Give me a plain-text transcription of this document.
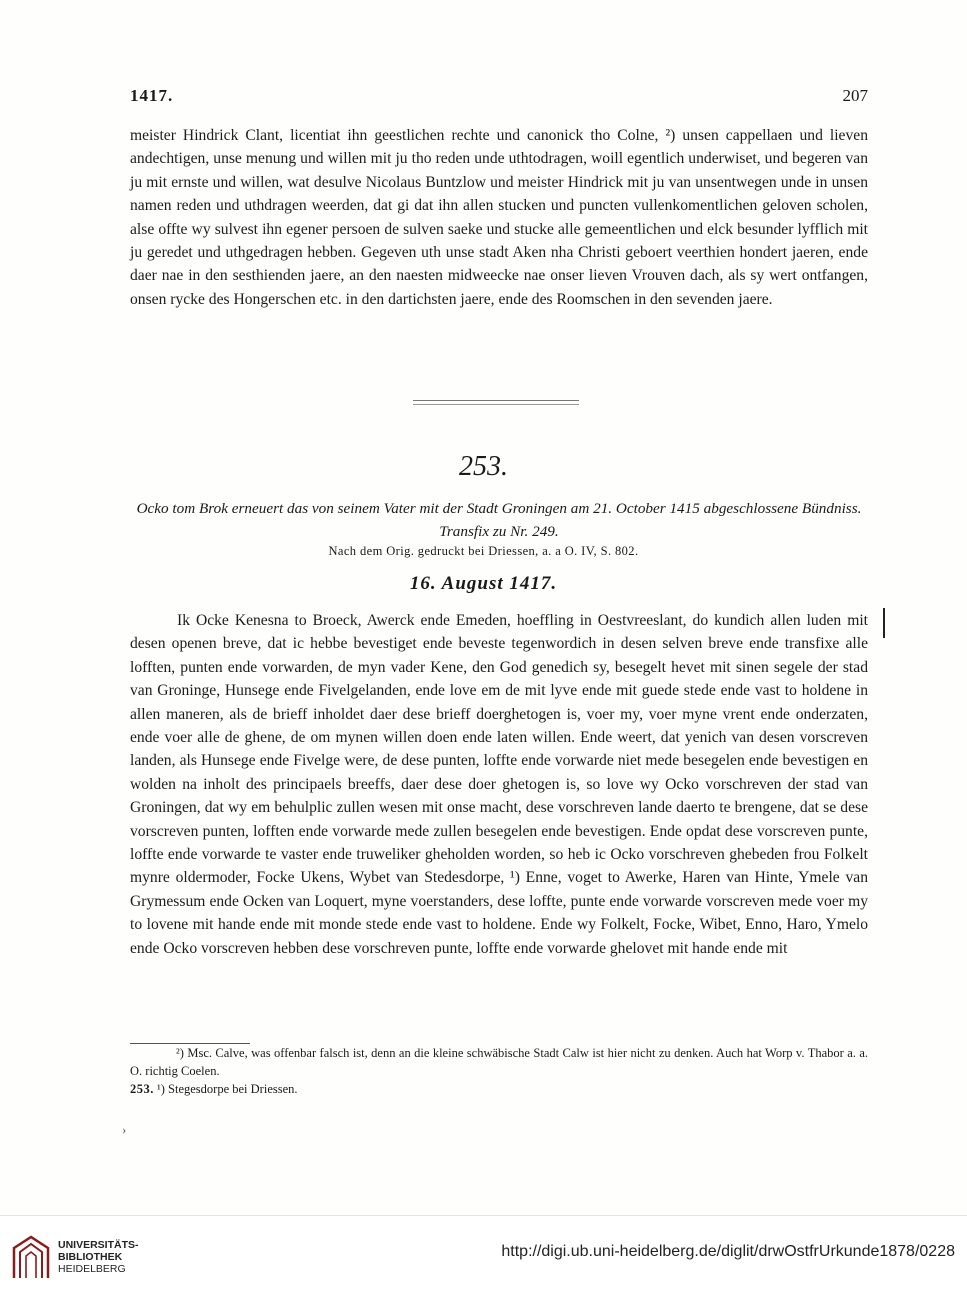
1417.	207
meister Hindrick Clant, licentiat ihn geestlichen rechte und canonick tho Colne, ²) unsen cappellaen und lieven andechtigen, unse menung und willen mit ju tho reden unde uthtodragen, woill egentlich underwiset, und begeren van ju mit ernste und willen, wat desulve Nicolaus Buntzlow und meister Hindrick mit ju van unsentwegen unde in unsen namen reden und uthdragen weerden, dat gi dat ihn allen stucken und puncten vullenkomentlichen geloven scholen, alse offte wy sulvest ihn egener persoen de sulven saeke und stucke alle gemeentlichen und elck besunder lyfflich mit ju geredet und uthgedragen hebben. Gegeven uth unse stadt Aken nha Christi geboert veerthien hondert jaeren, ende daer nae in den sesthienden jaere, an den naesten midweecke nae onser lieven Vrouven dach, als sy wert ontfangen, onsen rycke des Hongerschen etc. in den dartichsten jaere, ende des Roomschen in den sevenden jaere.
253.
Ocko tom Brok erneuert das von seinem Vater mit der Stadt Groningen am 21. October 1415 abgeschlossene Bündniss. Transfix zu Nr. 249.
Nach dem Orig. gedruckt bei Driessen, a. a O. IV, S. 802.
16. August 1417.
Ik Ocke Kenesna to Broeck, Awerck ende Emeden, hoeffling in Oestvreeslant, do kundich allen luden mit desen openen breve, dat ic hebbe bevestiget ende beveste tegenwordich in desen selven breve ende transfixe alle lofften, punten ende vorwarden, de myn vader Kene, den God genedich sy, besegelt hevet mit sinen segele der stad van Groninge, Hunsege ende Fivelgelanden, ende love em de mit lyve ende mit guede stede ende vast to holdene in allen maneren, als de brieff inholdet daer dese brieff doerghetogen is, voer my, voer myne vrent ende onderzaten, ende voer alle de ghene, de om mynen willen doen ende laten willen. Ende weert, dat yenich van desen vorscreven landen, als Hunsege ende Fivelge were, de dese punten, loffte ende vorwarde niet mede besegelen ende bevestigen en wolden na inholt des principaels breeffs, daer dese doer ghetogen is, so love wy Ocko vorschreven der stad van Groningen, dat wy em behulplic zullen wesen mit onse macht, dese vorschreven lande daerto te brengene, dat se dese vorscreven punten, lofften ende vorwarde mede zullen besegelen ende bevestigen. Ende opdat dese vorscreven punte, loffte ende vorwarde te vaster ende truweliker gheholden worden, so heb ic Ocko vorschreven ghebeden frou Folkelt mynre oldermoder, Focke Ukens, Wybet van Stedesdorpe, ¹) Enne, voget to Awerke, Haren van Hinte, Ymele van Grymessum ende Ocken van Loquert, myne voerstanders, dese loffte, punte ende vorwarde vorscreven mede voer my to lovene mit hande ende mit monde stede ende vast to holdene. Ende wy Folkelt, Focke, Wibet, Enno, Haro, Ymelo ende Ocko vorscreven hebben dese vorschreven punte, loffte ende vorwarde ghelovet mit hande ende mit
›
²) Msc. Calve, was offenbar falsch ist, denn an die kleine schwäbische Stadt Calw ist hier nicht zu denken. Auch hat Worp v. Thabor a. a. O. richtig Coelen.
253. ¹) Stegesdorpe bei Driessen.
UNIVERSITÄTS-
BIBLIOTHEK
HEIDELBERG
http://digi.ub.uni-heidelberg.de/diglit/drwOstfrUrkunde1878/0228
